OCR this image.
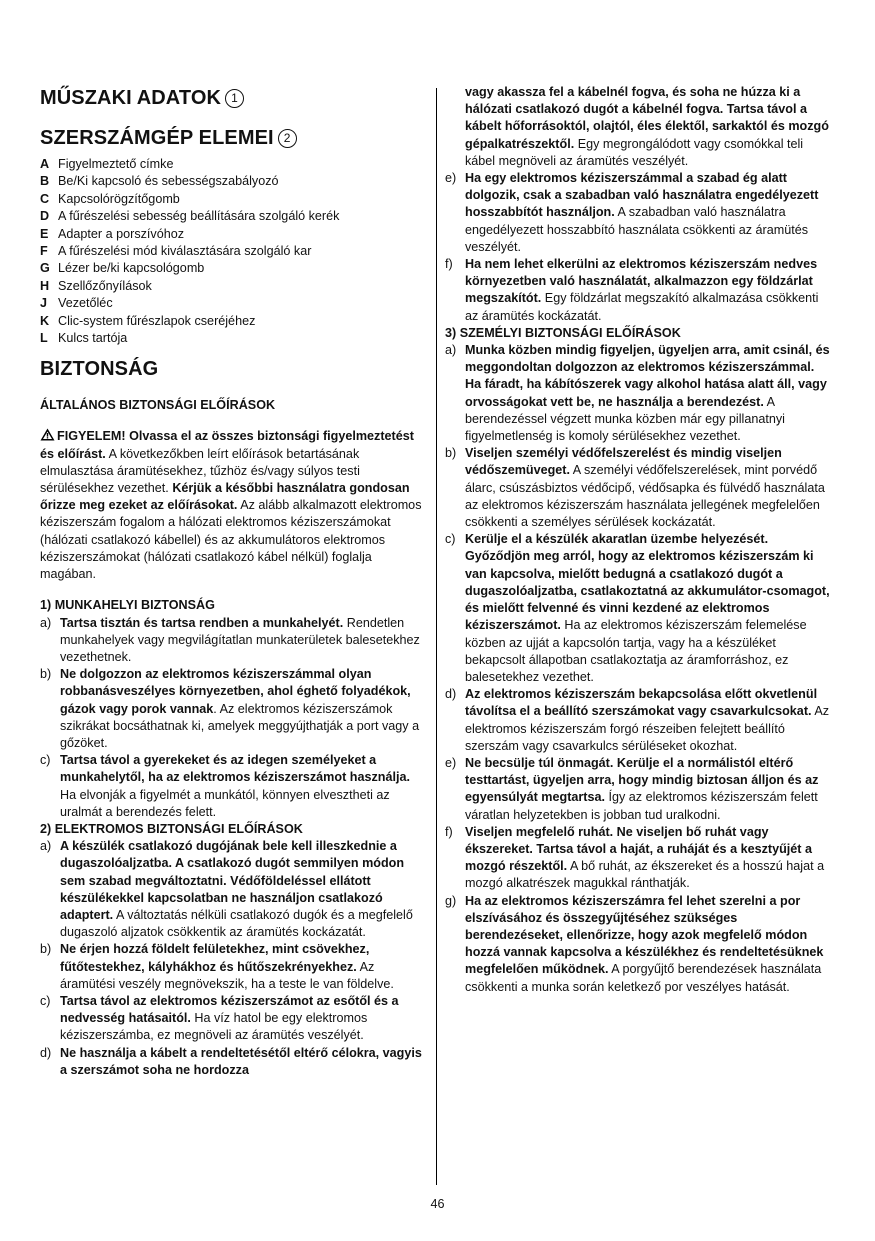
MŰSZAKI ADATOK 1
SZERSZÁMGÉP ELEMEI 2
A Figyelmeztető címke
B Be/Ki kapcsoló és sebességszabályozó
C Kapcsolórögzítőgomb
D A fűrészelési sebesség beállítására szolgáló kerék
E Adapter a porszívóhoz
F A fűrészelési mód kiválasztására szolgáló kar
G Lézer be/ki kapcsológomb
H Szellőzőnyílások
J Vezetőléc
K Clic-system fűrészlapok cseréjéhez
L Kulcs tartója
BIZTONSÁG
ÁLTALÁNOS BIZTONSÁGI ELŐÍRÁSOK

FIGYELEM! Olvassa el az összes biztonsági figyelmeztetést és előírást. A következőkben leírt előírások betartásának elmulasztása áramütésekhez, tűzhöz és/vagy súlyos testi sérülésekhez vezethet. Kérjük a későbbi használatra gondosan őrizze meg ezeket az előírásokat. Az alább alkalmazott elektromos kéziszerszám fogalom a hálózati elektromos kéziszerszámokat (hálózati csatlakozó kábellel) és az akkumulátoros elektromos kéziszerszámokat (hálózati csatlakozó kábel nélkül) foglalja magában.

1) MUNKAHELYI BIZTONSÁG

a) Tartsa tisztán és tartsa rendben a munkahelyét. Rendetlen munkahelyek vagy megvilágítatlan munkaterületek balesetekhez vezethetnek.
b) Ne dolgozzon az elektromos kéziszerszámmal olyan robbanásveszélyes környezetben, ahol éghető folyadékok, gázok vagy porok vannak. Az elektromos kéziszerszámok szikrákat bocsáthatnak ki, amelyek meggyújthatják a port vagy a gőzöket.
c) Tartsa távol a gyerekeket és az idegen személyeket a munkahelytől, ha az elektromos kéziszerszámot használja. Ha elvonják a figyelmét a munkától, könnyen elvesztheti az uralmát a berendezés felett.

2) ELEKTROMOS BIZTONSÁGI ELŐÍRÁSOK

a) A készülék csatlakozó dugójának bele kell illeszkednie a dugaszolóaljzatba. A csatlakozó dugót semmilyen módon sem szabad megváltoztatni. Védőföldeléssel ellátott készülékekkel kapcsolatban ne használjon csatlakozó adaptert. A változtatás nélküli csatlakozó dugók és a megfelelő dugaszoló aljzatok csökkentik az áramütés kockázatát.
b) Ne érjen hozzá földelt felületekhez, mint csövekhez, fűtőtestekhez, kályhákhoz és hűtőszekrényekhez. Az áramütési veszély megnövekszik, ha a teste le van földelve.
c) Tartsa távol az elektromos kéziszerszámot az esőtől és a nedvesség hatásaitól. Ha víz hatol be egy elektromos kéziszerszámba, ez megnöveli az áramütés veszélyét.
d) Ne használja a kábelt a rendeltetésétől eltérő célokra, vagyis a szerszámot soha ne hordozza
vagy akassza fel a kábelnél fogva, és soha ne húzza ki a hálózati csatlakozó dugót a kábelnél fogva. Tartsa távol a kábelt hőforrásoktól, olajtól, éles élektől, sarkaktól és mozgó gépalkatrészektől. Egy megrongálódott vagy csomókkal teli kábel megnöveli az áramütés veszélyét.
e) Ha egy elektromos kéziszerszámmal a szabad ég alatt dolgozik, csak a szabadban való használatra engedélyezett hosszabbítót használjon. A szabadban való használatra engedélyezett hosszabbító használata csökkenti az áramütés veszélyét.
f) Ha nem lehet elkerülni az elektromos kéziszerszám nedves környezetben való használatát, alkalmazzon egy földzárlat megszakítót. Egy földzárlat megszakító alkalmazása csökkenti az áramütés kockázatát.

3) SZEMÉLYI BIZTONSÁGI ELŐÍRÁSOK

a) Munka közben mindig figyeljen, ügyeljen arra, amit csinál, és meggondoltan dolgozzon az elektromos kéziszerszámmal. Ha fáradt, ha kábítószerek vagy alkohol hatása alatt áll, vagy orvosságokat vett be, ne használja a berendezést. A berendezéssel végzett munka közben már egy pillanatnyi figyelmetlenség is komoly sérülésekhez vezethet.
b) Viseljen személyi védőfelszerelést és mindig viseljen védőszemüveget. A személyi védőfelszerelések, mint porvédő álarc, csúszásbiztos védőcipő, védősapka és fülvédő használata az elektromos kéziszerszám használata jellegének megfelelően csökkenti a személyes sérülések kockázatát.
c) Kerülje el a készülék akaratlan üzembe helyezését. Győződjön meg arról, hogy az elektromos kéziszerszám ki van kapcsolva, mielőtt bedugná a csatlakozó dugót a dugaszolóaljzatba, csatlakoztatná az akkumulátor-csomagot, és mielőtt felvenné és vinni kezdené az elektromos kéziszerszámot. Ha az elektromos kéziszerszám felemelése közben az ujját a kapcsolón tartja, vagy ha a készüléket bekapcsolt állapotban csatlakoztatja az áramforráshoz, ez balesetekhez vezethet.
d) Az elektromos kéziszerszám bekapcsolása előtt okvetlenül távolítsa el a beállító szerszámokat vagy csavarkulcsokat. Az elektromos kéziszerszám forgó részeiben felejtett beállító szerszám vagy csavarkulcs sérüléseket okozhat.
e) Ne becsülje túl önmagát. Kerülje el a normálistól eltérő testtartást, ügyeljen arra, hogy mindig biztosan álljon és az egyensúlyát megtartsa. Így az elektromos kéziszerszám felett váratlan helyzetekben is jobban tud uralkodni.
f) Viseljen megfelelő ruhát. Ne viseljen bő ruhát vagy ékszereket. Tartsa távol a haját, a ruháját és a kesztyűjét a mozgó részektől. A bő ruhát, az ékszereket és a hosszú hajat a mozgó alkatrészek magukkal ránthatják.
g) Ha az elektromos kéziszerszámra fel lehet szerelni a por elszívásához és összegyűjtéséhez szükséges berendezéseket, ellenőrizze, hogy azok megfelelő módon hozzá vannak kapcsolva a készülékhez és rendeltetésüknek megfelelően működnek. A porgyűjtő berendezések használata csökkenti a munka során keletkező por veszélyes hatását.
46
